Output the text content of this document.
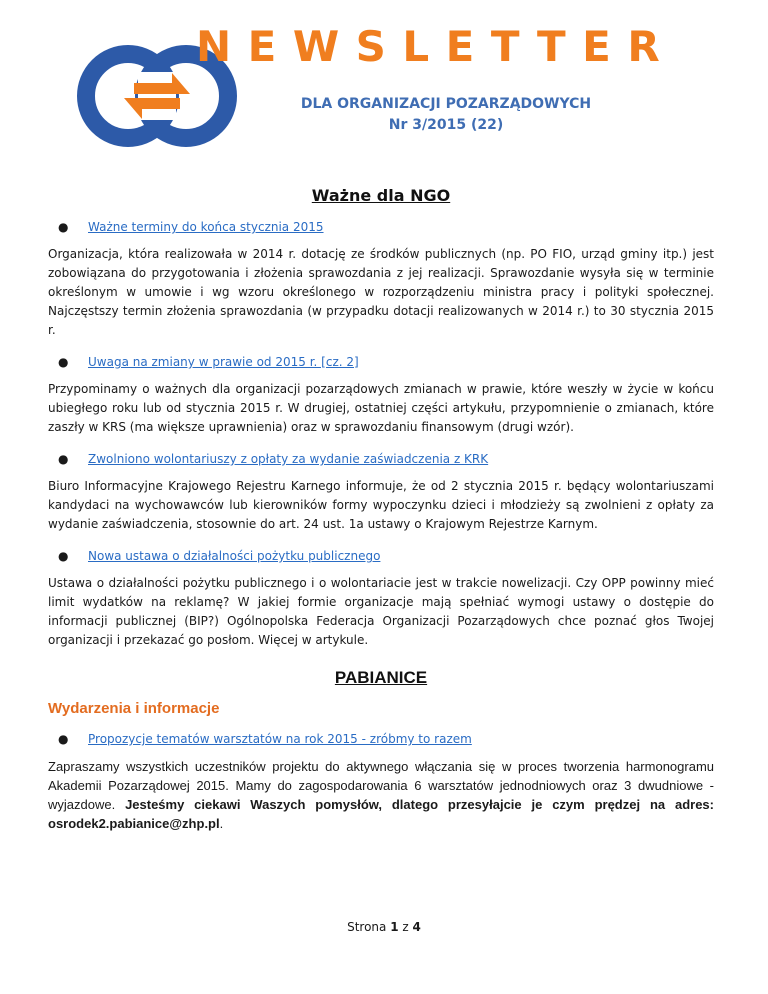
NEWSLETTER
DLA ORGANIZACJI POZARZĄDOWYCH
Nr 3/2015 (22)
Ważne dla NGO
●	Ważne terminy do końca stycznia 2015

Organizacja, która realizowała w 2014 r. dotację ze środków publicznych (np. PO FIO, urząd gminy itp.) jest zobowiązana do przygotowania i złożenia sprawozdania z jej realizacji. Sprawozdanie wysyła się w terminie określonym w umowie i wg wzoru określonego w rozporządzeniu ministra pracy i polityki społecznej. Najczęstszy termin złożenia sprawozdania (w przypadku dotacji realizowanych w 2014 r.) to 30 stycznia 2015 r.

●	Uwaga na zmiany w prawie od 2015 r. [cz. 2]

Przypominamy o ważnych dla organizacji pozarządowych zmianach w prawie, które weszły w życie w końcu ubiegłego roku lub od stycznia 2015 r. W drugiej, ostatniej części artykułu, przypomnienie o zmianach, które zaszły w KRS (ma większe uprawnienia) oraz w sprawozdaniu finansowym (drugi wzór).

●	Zwolniono wolontariuszy z opłaty za wydanie zaświadczenia z KRK

Biuro Informacyjne Krajowego Rejestru Karnego informuje, że od 2 stycznia 2015 r. będący wolontariuszami kandydaci na wychowawców lub kierowników formy wypoczynku dzieci i młodzieży są zwolnieni z opłaty za wydanie zaświadczenia, stosownie do art. 24 ust. 1a ustawy o Krajowym Rejestrze Karnym.

●	Nowa ustawa o działalności pożytku publicznego

Ustawa o działalności pożytku publicznego i o wolontariacie jest w trakcie nowelizacji. Czy OPP powinny mieć limit wydatków na reklamę? W jakiej formie organizacje mają spełniać wymogi ustawy o dostępie do informacji publicznej (BIP?) Ogólnopolska Federacja Organizacji Pozarządowych chce poznać głos Twojej organizacji i przekazać go posłom. Więcej w artykule.

PABIANICE
Wydarzenia i informacje
●	Propozycje tematów warsztatów na rok 2015 - zróbmy to razem

Zapraszamy wszystkich uczestników projektu do aktywnego włączania się w proces tworzenia harmonogramu Akademii Pozarządowej 2015. Mamy do zagospodarowania 6 warsztatów jednodniowych oraz 3 dwudniowe - wyjazdowe. Jesteśmy ciekawi Waszych pomysłów, dlatego przesyłajcie je czym prędzej na adres: osrodek2.pabianice@zhp.pl.

Strona 1 z 4
